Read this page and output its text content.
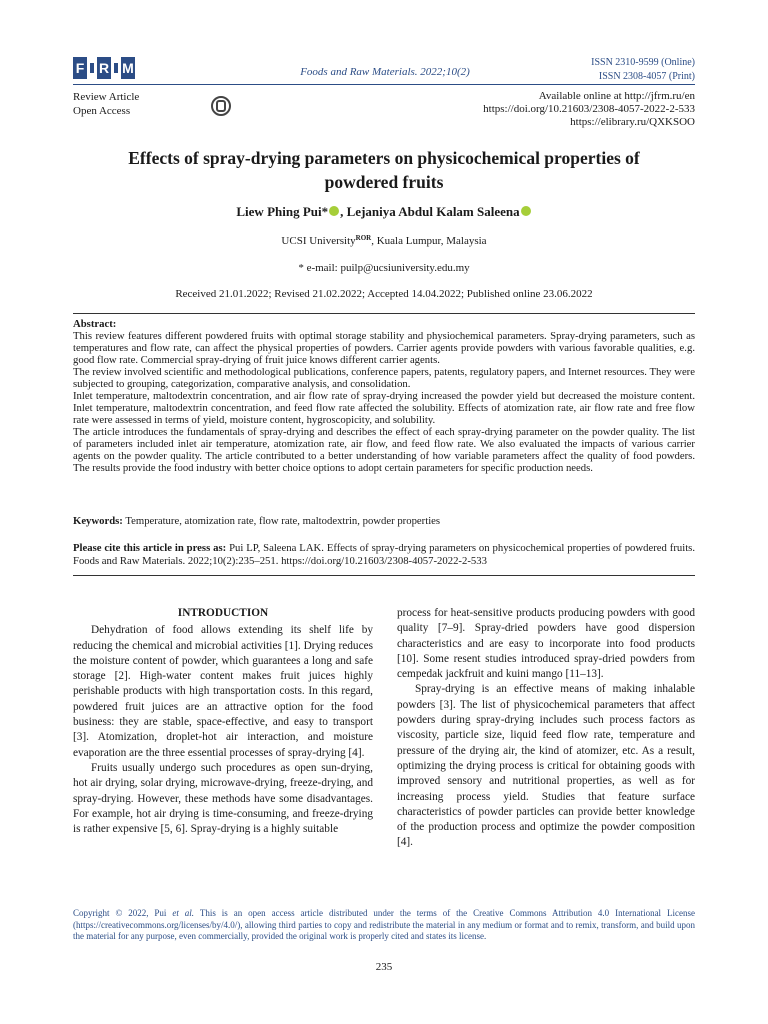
F R M	Foods and Raw Materials. 2022;10(2)
ISSN 2310-9599 (Online)
ISSN 2308-4057 (Print)
Review Article
Open Access
Available online at http://jfrm.ru/en
https://doi.org/10.21603/2308-4057-2022-2-533
https://elibrary.ru/QXKSOO
Effects of spray-drying parameters on physicochemical properties of powdered fruits
Liew Phing Pui* , Lejaniya Abdul Kalam Saleena
UCSI University$^{ROR}$, Kuala Lumpur, Malaysia
* e-mail: puilp@ucsiuniversity.edu.my
Received 21.01.2022; Revised 21.02.2022; Accepted 14.04.2022; Published online 23.06.2022

Abstract:

This review features different powdered fruits with optimal storage stability and physiochemical parameters. Spray-drying parameters, such as temperatures and flow rate, can affect the physical properties of powders. Carrier agents provide powders with various favorable qualities, e.g. good flow rate. Commercial spray-drying of fruit juice knows different carrier agents.

The review involved scientific and methodological publications, conference papers, patents, regulatory papers, and Internet resources. They were subjected to grouping, categorization, comparative analysis, and consolidation.

Inlet temperature, maltodextrin concentration, and air flow rate of spray-drying increased the powder yield but decreased the moisture content. Inlet temperature, maltodextrin concentration, and feed flow rate affected the solubility. Effects of atomization rate, air flow rate and free flow rate were assessed in terms of yield, moisture content, hygroscopicity, and solubility.

The article introduces the fundamentals of spray-drying and describes the effect of each spray-drying parameter on the powder quality. The list of parameters included inlet air temperature, atomization rate, air flow, and feed flow rate. We also evaluated the impacts of various carrier agents on the powder quality. The article contributed to a better understanding of how variable parameters affect the quality of food powders. The results provide the food industry with better choice options to adopt certain parameters for specific production needs.

Keywords: Temperature, atomization rate, flow rate, maltodextrin, powder properties
Please cite this article in press as: Pui LP, Saleena LAK. Effects of spray-drying parameters on physicochemical properties of powdered fruits. Foods and Raw Materials. 2022;10(2):235–251. https://doi.org/10.21603/2308-4057-2022-2-533
INTRODUCTION

Dehydration of food allows extending its shelf life by reducing the chemical and microbial activities [1]. Drying reduces the moisture content of powder, which guarantees a long and safe storage [2]. High-water content makes fruit juices highly perishable products with high transportation costs. In this regard, powdered fruit juices are an attractive option for the food business: they are stable, space-effective, and easy to transport [3]. Atomization, droplet-hot air interaction, and moisture evaporation are the three essential processes of spray-drying [4].

Fruits usually undergo such procedures as open sun-drying, hot air drying, solar drying, microwave-drying, freeze-drying, and spray-drying. However, these methods have some disadvantages. For example, hot air drying is time-consuming, and freeze-drying is rather expensive [5, 6]. Spray-drying is a highly suitable

process for heat-sensitive products producing powders with good quality [7–9]. Spray-dried powders have good dispersion characteristics and are easy to incorporate into food products [10]. Some resent studies introduced spray-dried powders from cempedak jackfruit and kuini mango [11–13].

Spray-drying is an effective means of making inhalable powders [3]. The list of physicochemical parameters that affect powders during spray-drying includes such process factors as viscosity, particle size, liquid feed flow rate, temperature and pressure of the drying air, the kind of atomizer, etc. As a result, optimizing the drying process is critical for obtaining goods with improved sensory and nutritional properties, as well as for increasing process yield. Studies that feature surface characteristics of powder particles can provide better knowledge of the production process and optimize the powder composition [4].

Copyright © 2022, Pui et al. This is an open access article distributed under the terms of the Creative Commons Attribution 4.0 International License (https://creativecommons.org/licenses/by/4.0/), allowing third parties to copy and redistribute the material in any medium or format and to remix, transform, and build upon the material for any purpose, even commercially, provided the original work is properly cited and states its license.
235
